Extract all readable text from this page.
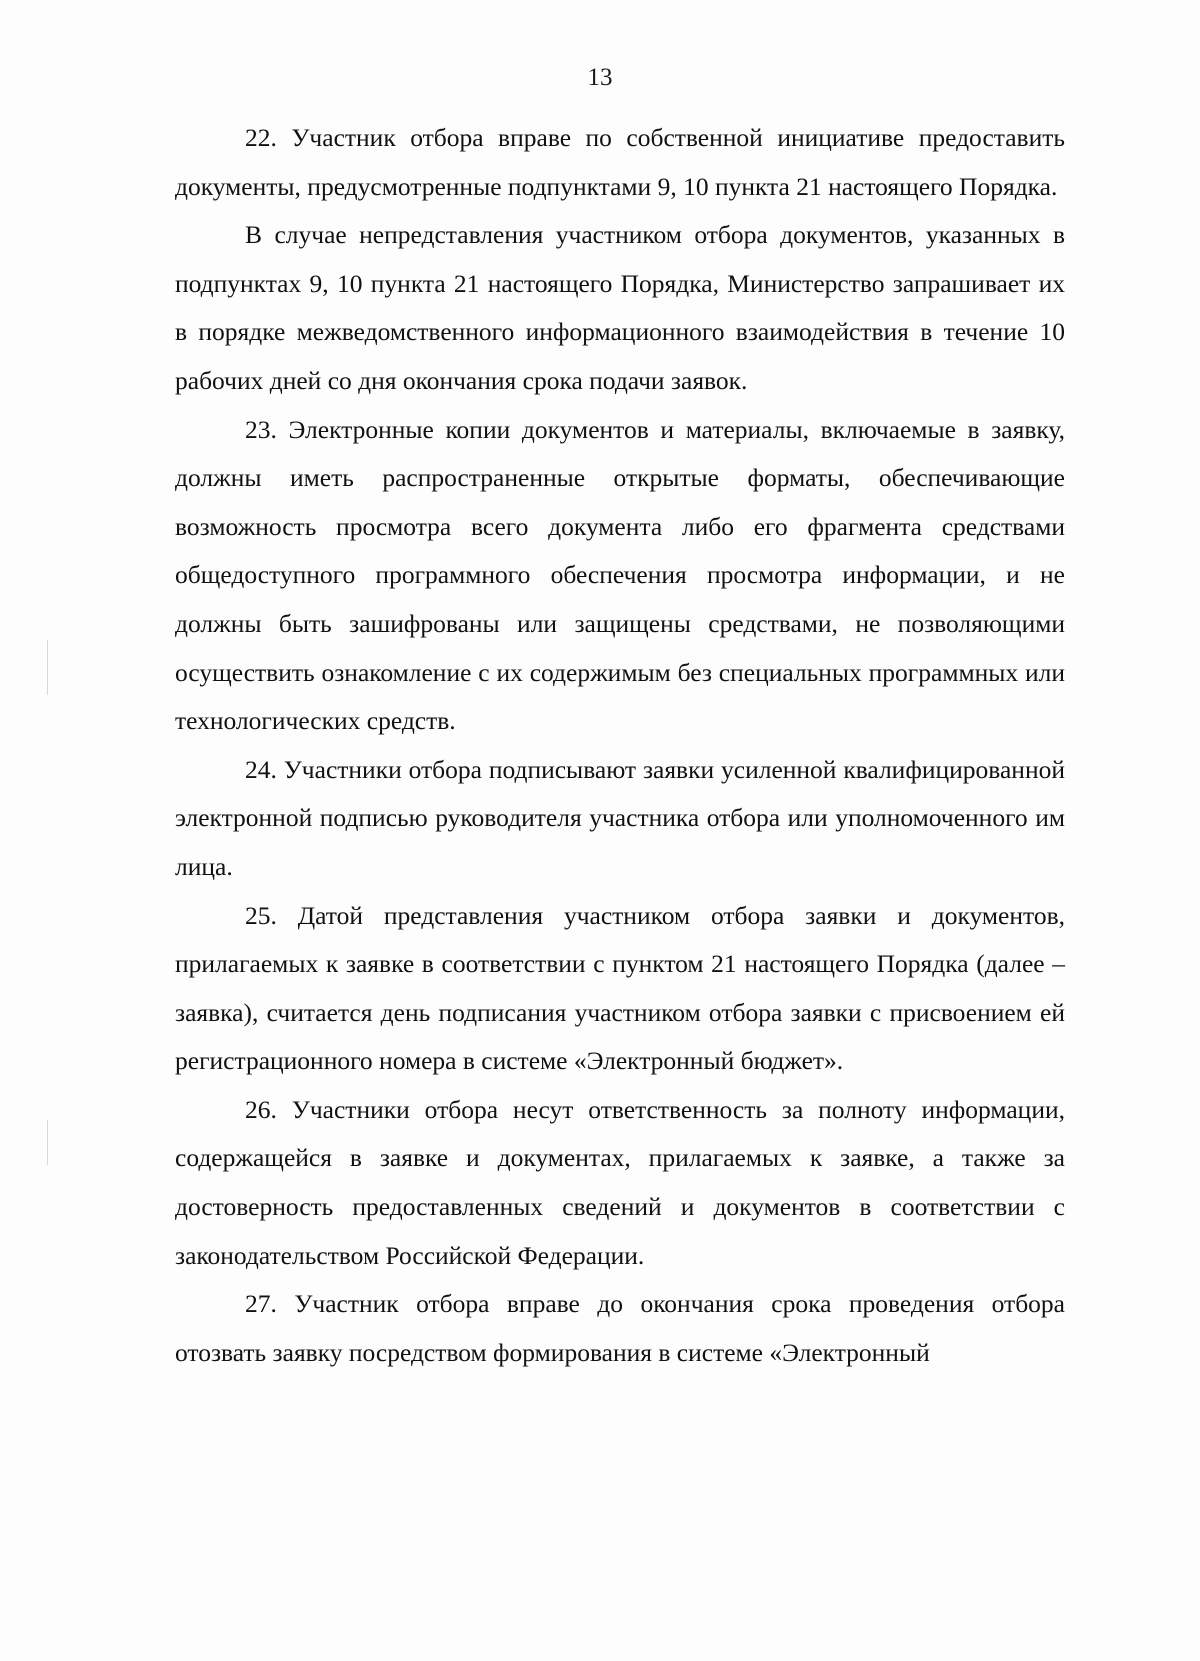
13

22. Участник отбора вправе по собственной инициативе предоставить документы, предусмотренные подпунктами 9, 10 пункта 21 настоящего Порядка.

В случае непредставления участником отбора документов, указанных в подпунктах 9, 10 пункта 21 настоящего Порядка, Министерство запрашивает их в порядке межведомственного информационного взаимодействия в течение 10 рабочих дней со дня окончания срока подачи заявок.

23. Электронные копии документов и материалы, включаемые в заявку, должны иметь распространенные открытые форматы, обеспечивающие возможность просмотра всего документа либо его фрагмента средствами общедоступного программного обеспечения просмотра информации, и не должны быть зашифрованы или защищены средствами, не позволяющими осуществить ознакомление с их содержимым без специальных программных или технологических средств.

24. Участники отбора подписывают заявки усиленной квалифицированной электронной подписью руководителя участника отбора или уполномоченного им лица.

25. Датой представления участником отбора заявки и документов, прилагаемых к заявке в соответствии с пунктом 21 настоящего Порядка (далее – заявка), считается день подписания участником отбора заявки с присвоением ей регистрационного номера в системе «Электронный бюджет».

26. Участники отбора несут ответственность за полноту информации, содержащейся в заявке и документах, прилагаемых к заявке, а также за достоверность предоставленных сведений и документов в соответствии с законодательством Российской Федерации.

27. Участник отбора вправе до окончания срока проведения отбора отозвать заявку посредством формирования в системе «Электронный
